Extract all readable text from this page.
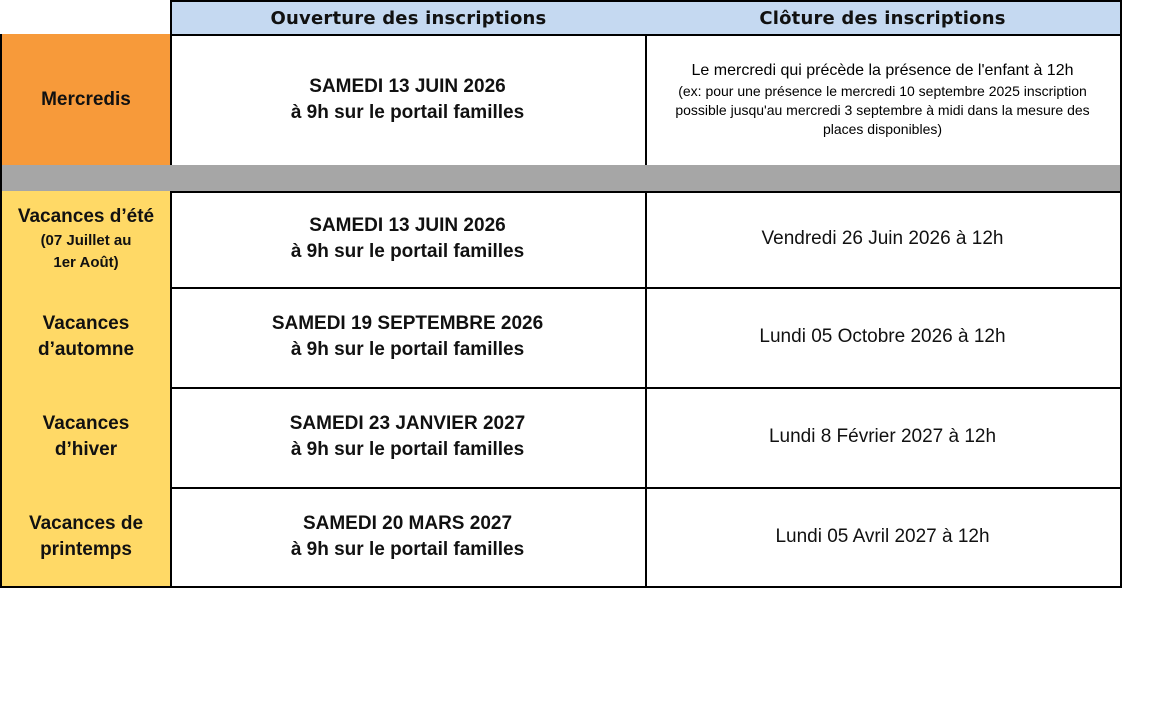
Ouverture des inscriptions	Clôture des inscriptions
Mercredis
SAMEDI 13 JUIN 2026
à 9h sur le portail familles
Le mercredi qui précède la présence de l'enfant à 12h
(ex: pour une présence le mercredi 10 septembre 2025 inscription possible jusqu'au mercredi 3 septembre à midi dans la mesure des places disponibles)
Vacances d’été
(07 Juillet au
1er Août)
SAMEDI 13 JUIN 2026
à 9h sur le portail familles
Vendredi 26 Juin 2026 à 12h
Vacances
d’automne
SAMEDI 19 SEPTEMBRE 2026
à 9h sur le portail familles
Lundi 05 Octobre 2026 à 12h
Vacances
d’hiver
SAMEDI 23 JANVIER 2027
à 9h sur le portail familles
Lundi 8 Février 2027 à 12h
Vacances de
printemps
SAMEDI 20 MARS 2027
à 9h sur le portail familles
Lundi 05 Avril 2027 à 12h
